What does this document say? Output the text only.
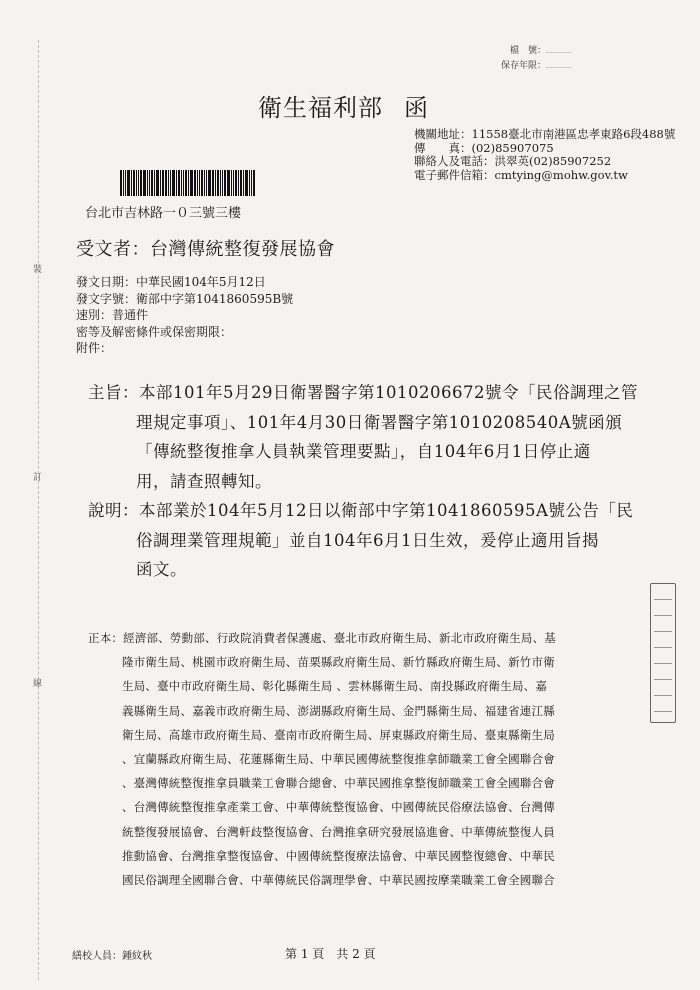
裝
訂
線
檔　號：
保存年限：
衛生福利部 函
機關地址：11558臺北市南港區忠孝東路6段488號
傳　　真：(02)85907075
聯絡人及電話：洪翠英(02)85907252
電子郵件信箱：cmtying@mohw.gov.tw
台北市吉林路一０三號三樓
受文者：台灣傳統整復發展協會
發文日期：中華民國104年5月12日
發文字號：衛部中字第1041860595B號
速別：普通件
密等及解密條件或保密期限：
附件：
主旨：本部101年5月29日衛署醫字第1010206672號令「民俗調理之管
理規定事項」、101年4月30日衛署醫字第1010208540A號函頒
「傳統整復推拿人員執業管理要點」，自104年6月1日停止適
用，請查照轉知。
說明：本部業於104年5月12日以衛部中字第1041860595A號公告「民
俗調理業管理規範」並自104年6月1日生效，爰停止適用旨揭
函文。
正本：經濟部、勞動部、行政院消費者保護處、臺北市政府衛生局、新北市政府衛生局、基
隆市衛生局、桃園市政府衛生局、苗栗縣政府衛生局、新竹縣政府衛生局、新竹市衛
生局、臺中市政府衛生局、彰化縣衛生局 、雲林縣衛生局、南投縣政府衛生局、嘉
義縣衛生局、嘉義市政府衛生局、澎湖縣政府衛生局、金門縣衛生局、福建省連江縣
衛生局、高雄市政府衛生局、臺南市政府衛生局、屏東縣政府衛生局、臺東縣衛生局
、宜蘭縣政府衛生局、花蓮縣衛生局、中華民國傳統整復推拿師職業工會全國聯合會
、臺灣傳統整復推拿員職業工會聯合總會、中華民國推拿整復師職業工會全國聯合會
、台灣傳統整復推拿產業工會、中華傳統整復協會、中國傳統民俗療法協會、台灣傳
統整復發展協會、台灣軒歧整復協會、台灣推拿研究發展協進會、中華傳統整復人員
推動協會、台灣推拿整復協會、中國傳統整復療法協會、中華民國整復總會、中華民
國民俗調理全國聯合會、中華傳統民俗調理學會、中華民國按摩業職業工會全國聯合
繕校人員：鍾紋秋	第 1 頁　共 2 頁
